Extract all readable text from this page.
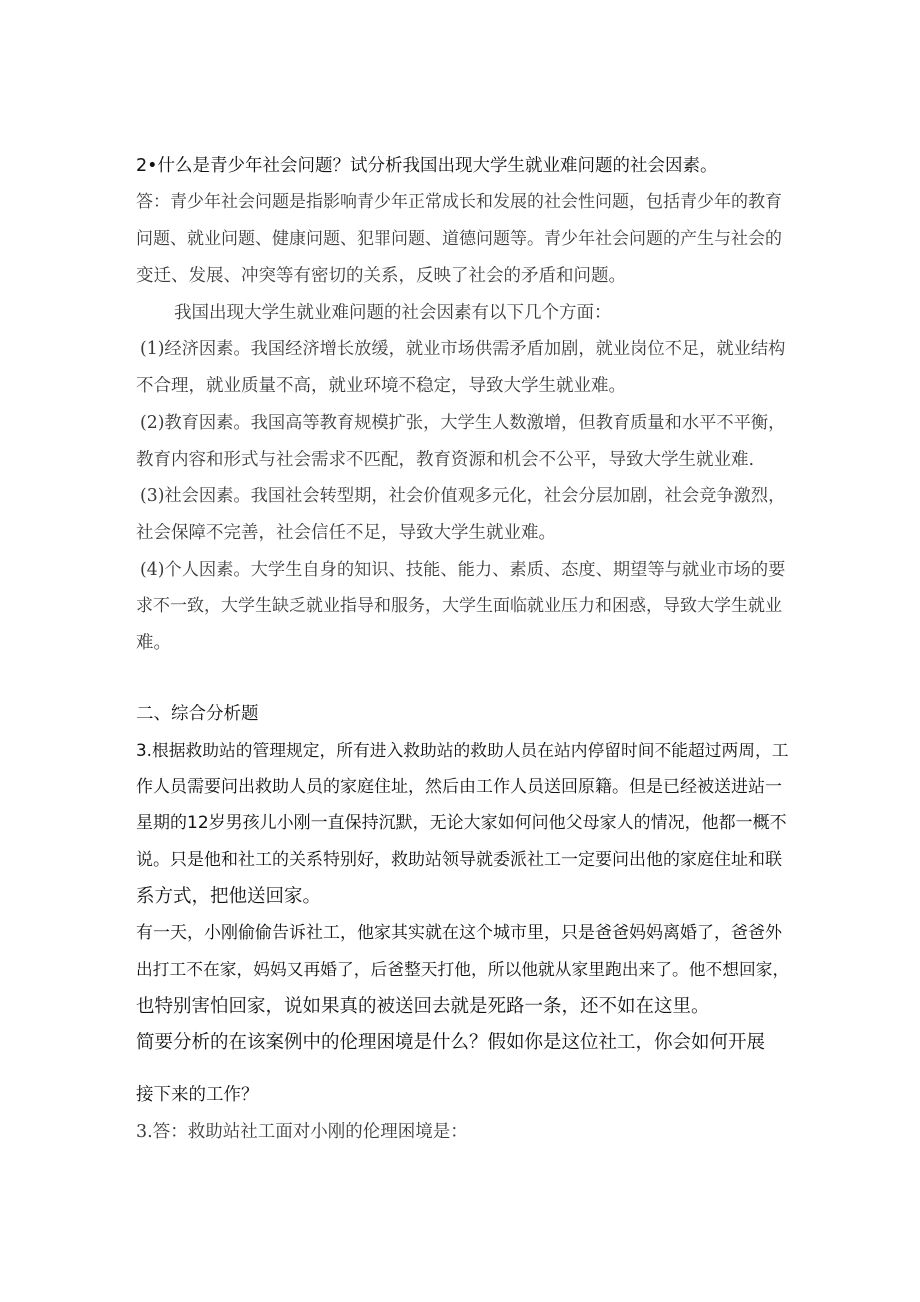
2•什么是青少年社会问题？试分析我国出现大学生就业难问题的社会因素。
答：青少年社会问题是指影响青少年正常成长和发展的社会性问题，包括青少年的教育
问题、就业问题、健康问题、犯罪问题、道德问题等。青少年社会问题的产生与社会的
变迁、发展、冲突等有密切的关系，反映了社会的矛盾和问题。
我国出现大学生就业难问题的社会因素有以下几个方面：
(1)经济因素。我国经济增长放缓，就业市场供需矛盾加剧，就业岗位不足，就业结构
不合理，就业质量不高，就业环境不稳定，导致大学生就业难。
(2)教育因素。我国高等教育规模扩张，大学生人数激增，但教育质量和水平不平衡，
教育内容和形式与社会需求不匹配，教育资源和机会不公平，导致大学生就业难.
(3)社会因素。我国社会转型期，社会价值观多元化，社会分层加剧，社会竞争激烈，
社会保障不完善，社会信任不足，导致大学生就业难。
(4)个人因素。大学生自身的知识、技能、能力、素质、态度、期望等与就业市场的要
求不一致，大学生缺乏就业指导和服务，大学生面临就业压力和困惑，导致大学生就业
难。
二、综合分析题
3.根据救助站的管理规定，所有进入救助站的救助人员在站内停留时间不能超过两周，工
作人员需要问出救助人员的家庭住址，然后由工作人员送回原籍。但是已经被送进站一
星期的12岁男孩儿小刚一直保持沉默，无论大家如何问他父母家人的情况，他都一概不
说。只是他和社工的关系特别好，救助站领导就委派社工一定要问出他的家庭住址和联
系方式，把他送回家。
有一天，小刚偷偷告诉社工，他家其实就在这个城市里，只是爸爸妈妈离婚了，爸爸外
出打工不在家，妈妈又再婚了，后爸整天打他，所以他就从家里跑出来了。他不想回家，
也特别害怕回家，说如果真的被送回去就是死路一条，还不如在这里。
简要分析的在该案例中的伦理困境是什么？假如你是这位社工，你会如何开展
接下来的工作？
3.答：救助站社工面对小刚的伦理困境是：
